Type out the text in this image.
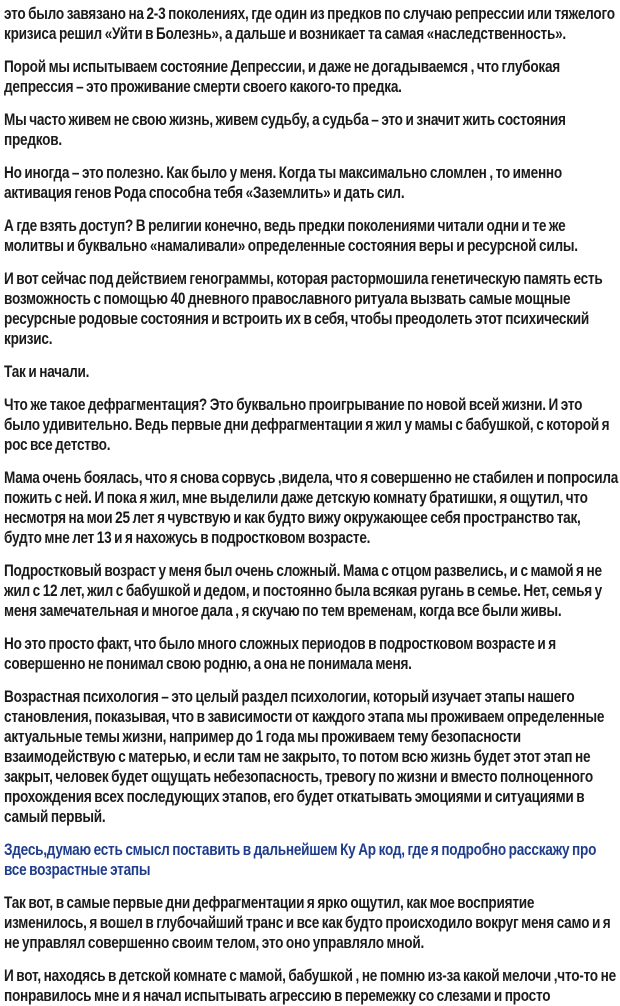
это было завязано на 2-3 поколениях, где один из предков по случаю репрессии или тяжелого кризиса решил «Уйти в Болезнь», а дальше и возникает та самая «наследственность».

Порой мы испытываем состояние Депрессии, и даже не догадываемся , что глубокая депрессия – это проживание смерти своего какого-то предка.

Мы часто живем не свою жизнь, живем судьбу, а судьба – это и значит жить состояния предков.

Но иногда – это полезно. Как было у меня. Когда ты максимально сломлен , то именно активация генов Рода способна тебя «Заземлить» и дать сил.

А где взять доступ? В религии конечно, ведь предки поколениями читали одни и те же молитвы и буквально «намаливали» определенные состояния веры и ресурсной силы.

И вот сейчас под действием генограммы, которая растормошила генетическую память есть возможность с помощью 40 дневного православного ритуала вызвать самые мощные ресурсные родовые состояния и встроить их в себя, чтобы преодолеть этот психический кризис.

Так и начали.

Что же такое дефрагментация? Это буквально проигрывание по новой всей жизни. И это было удивительно. Ведь первые дни дефрагментации я жил у мамы с бабушкой, с которой я рос все детство.

Мама очень боялась, что я снова сорвусь ,видела, что я совершенно не стабилен и попросила пожить с ней. И пока я жил, мне выделили даже детскую комнату братишки, я ощутил, что несмотря на мои 25 лет я чувствую и как будто вижу окружающее себя пространство так, будто мне лет 13 и я нахожусь в подростковом возрасте.

Подростковый возраст у меня был очень сложный. Мама с отцом развелись, и с мамой я не жил с 12 лет, жил с бабушкой и дедом, и постоянно была всякая ругань в семье. Нет, семья у меня замечательная и многое дала , я скучаю по тем временам, когда все были живы.

Но это просто факт, что было много сложных периодов в подростковом возрасте и я совершенно не понимал свою родню, а она не понимала меня.

Возрастная психология – это целый раздел психологии, который изучает этапы нашего становления, показывая, что в зависимости от каждого этапа мы проживаем определенные актуальные темы жизни, например до 1 года мы проживаем тему безопасности взаимодействую с матерью, и если там не закрыто, то потом всю жизнь будет этот этап не закрыт, человек будет ощущать небезопасность, тревогу по жизни и вместо полноценного прохождения всех последующих этапов, его будет откатывать эмоциями и ситуациями в самый первый.

Здесь,думаю есть смысл поставить в дальнейшем Ку Ар код, где я подробно расскажу про все возрастные этапы

Так вот, в самые первые дни дефрагментации я ярко ощутил, как мое восприятие изменилось, я вошел в глубочайший транс и все как будто происходило вокруг меня само и я не управлял совершенно своим телом, это оно управляло мной.

И вот, находясь в детской комнате с мамой, бабушкой , не помню из-за какой мелочи ,что-то не понравилось мне и я начал испытывать агрессию в перемежку со слезами и просто
